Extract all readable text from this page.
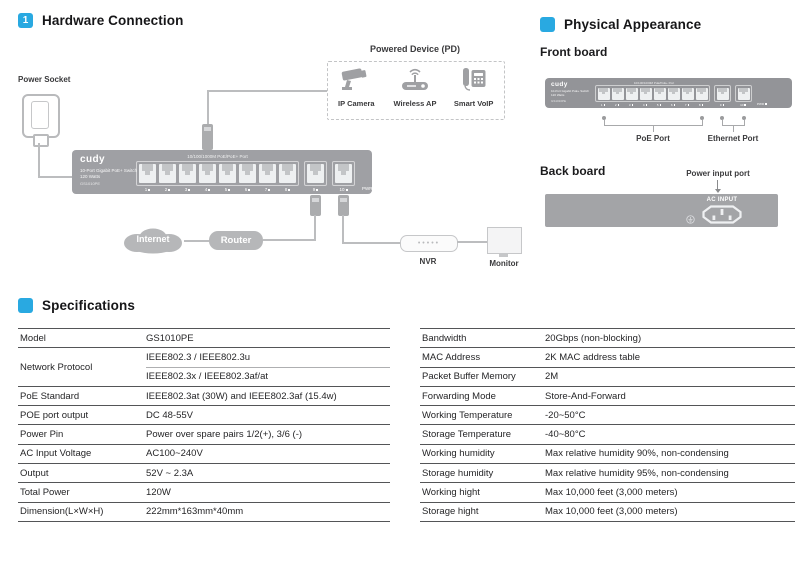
1	Hardware Connection
Power Socket
Powered Device (PD)
IP Camera	Wireless AP Smart VoIP
cudy
10-Port Gigabit PoE+ Switch
120 Watts
GS1010PE
10/100/1000M PoE/PoE+ Port
1	2	3	4	5	6	7	8	9	10	PWR
Internet	Router	•••••
NVR	Monitor
Physical Appearance
Front board
cudy
10-Port Gigabit PoE+ Switch
120 Watts
GS1010PE
10/100/1000M PoE/PoE+ Port
1	2	3	4	5	6	7	8	9	10	PWR
PoE Port	Ethernet Port
Back board	Power input port
AC INPUT
Specifications
Model	GS1010PE
Network Protocol
IEEE802.3 / IEEE802.3u
IEEE802.3x / IEEE802.3af/at
PoE Standard	IEEE802.3at (30W) and IEEE802.3af (15.4w)
POE port output	DC 48-55V
Power Pin	Power over spare pairs 1/2(+), 3/6 (-)
AC Input Voltage	AC100~240V
Output	52V ~ 2.3A
Total Power	120W
Dimension(L×W×H)	222mm*163mm*40mm
Bandwidth	20Gbps (non-blocking)
MAC Address	2K MAC address table
Packet Buffer Memory	2M
Forwarding Mode	Store-And-Forward
Working Temperature	-20~50°C
Storage Temperature	-40~80°C
Working humidity	Max relative humidity 90%, non-condensing
Storage humidity	Max relative humidity 95%, non-condensing
Working hight	Max 10,000 feet (3,000 meters)
Storage hight	Max 10,000 feet (3,000 meters)
